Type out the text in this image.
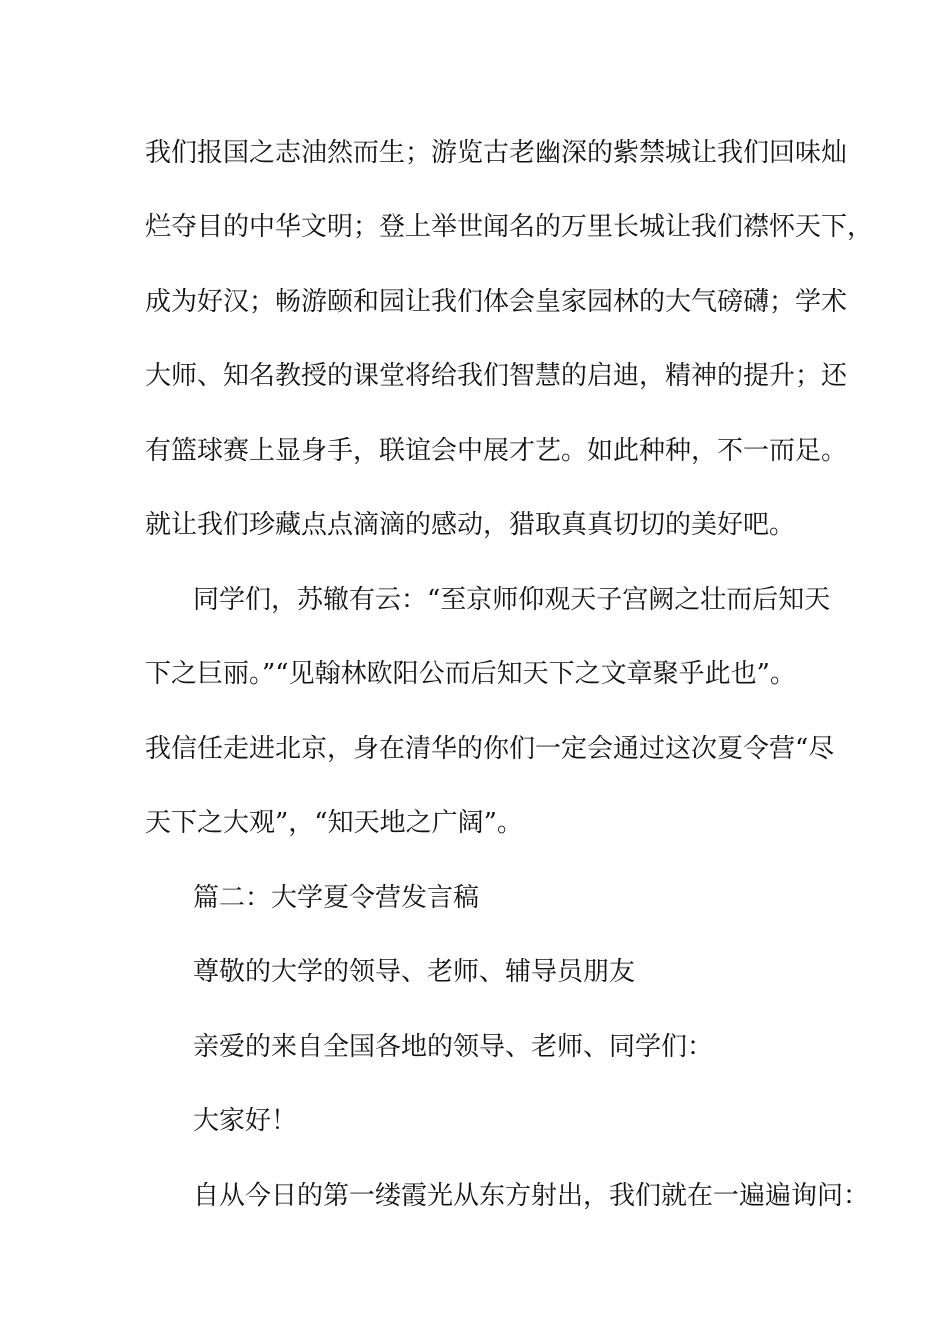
我们报国之志油然而生；游览古老幽深的紫禁城让我们回味灿
烂夺目的中华文明；登上举世闻名的万里长城让我们襟怀天下，
成为好汉；畅游颐和园让我们体会皇家园林的大气磅礴；学术
大师、知名教授的课堂将给我们智慧的启迪，精神的提升；还
有篮球赛上显身手，联谊会中展才艺。如此种种，不一而足。
就让我们珍藏点点滴滴的感动，猎取真真切切的美好吧。
同学们，苏辙有云：“至京师仰观天子宫阙之壮而后知天
下之巨丽。”“见翰林欧阳公而后知天下之文章聚乎此也”。
我信任走进北京，身在清华的你们一定会通过这次夏令营“尽
天下之大观”，“知天地之广阔”。
篇二：大学夏令营发言稿
尊敬的大学的领导、老师、辅导员朋友
亲爱的来自全国各地的领导、老师、同学们：
大家好！
自从今日的第一缕霞光从东方射出，我们就在一遍遍询问：
